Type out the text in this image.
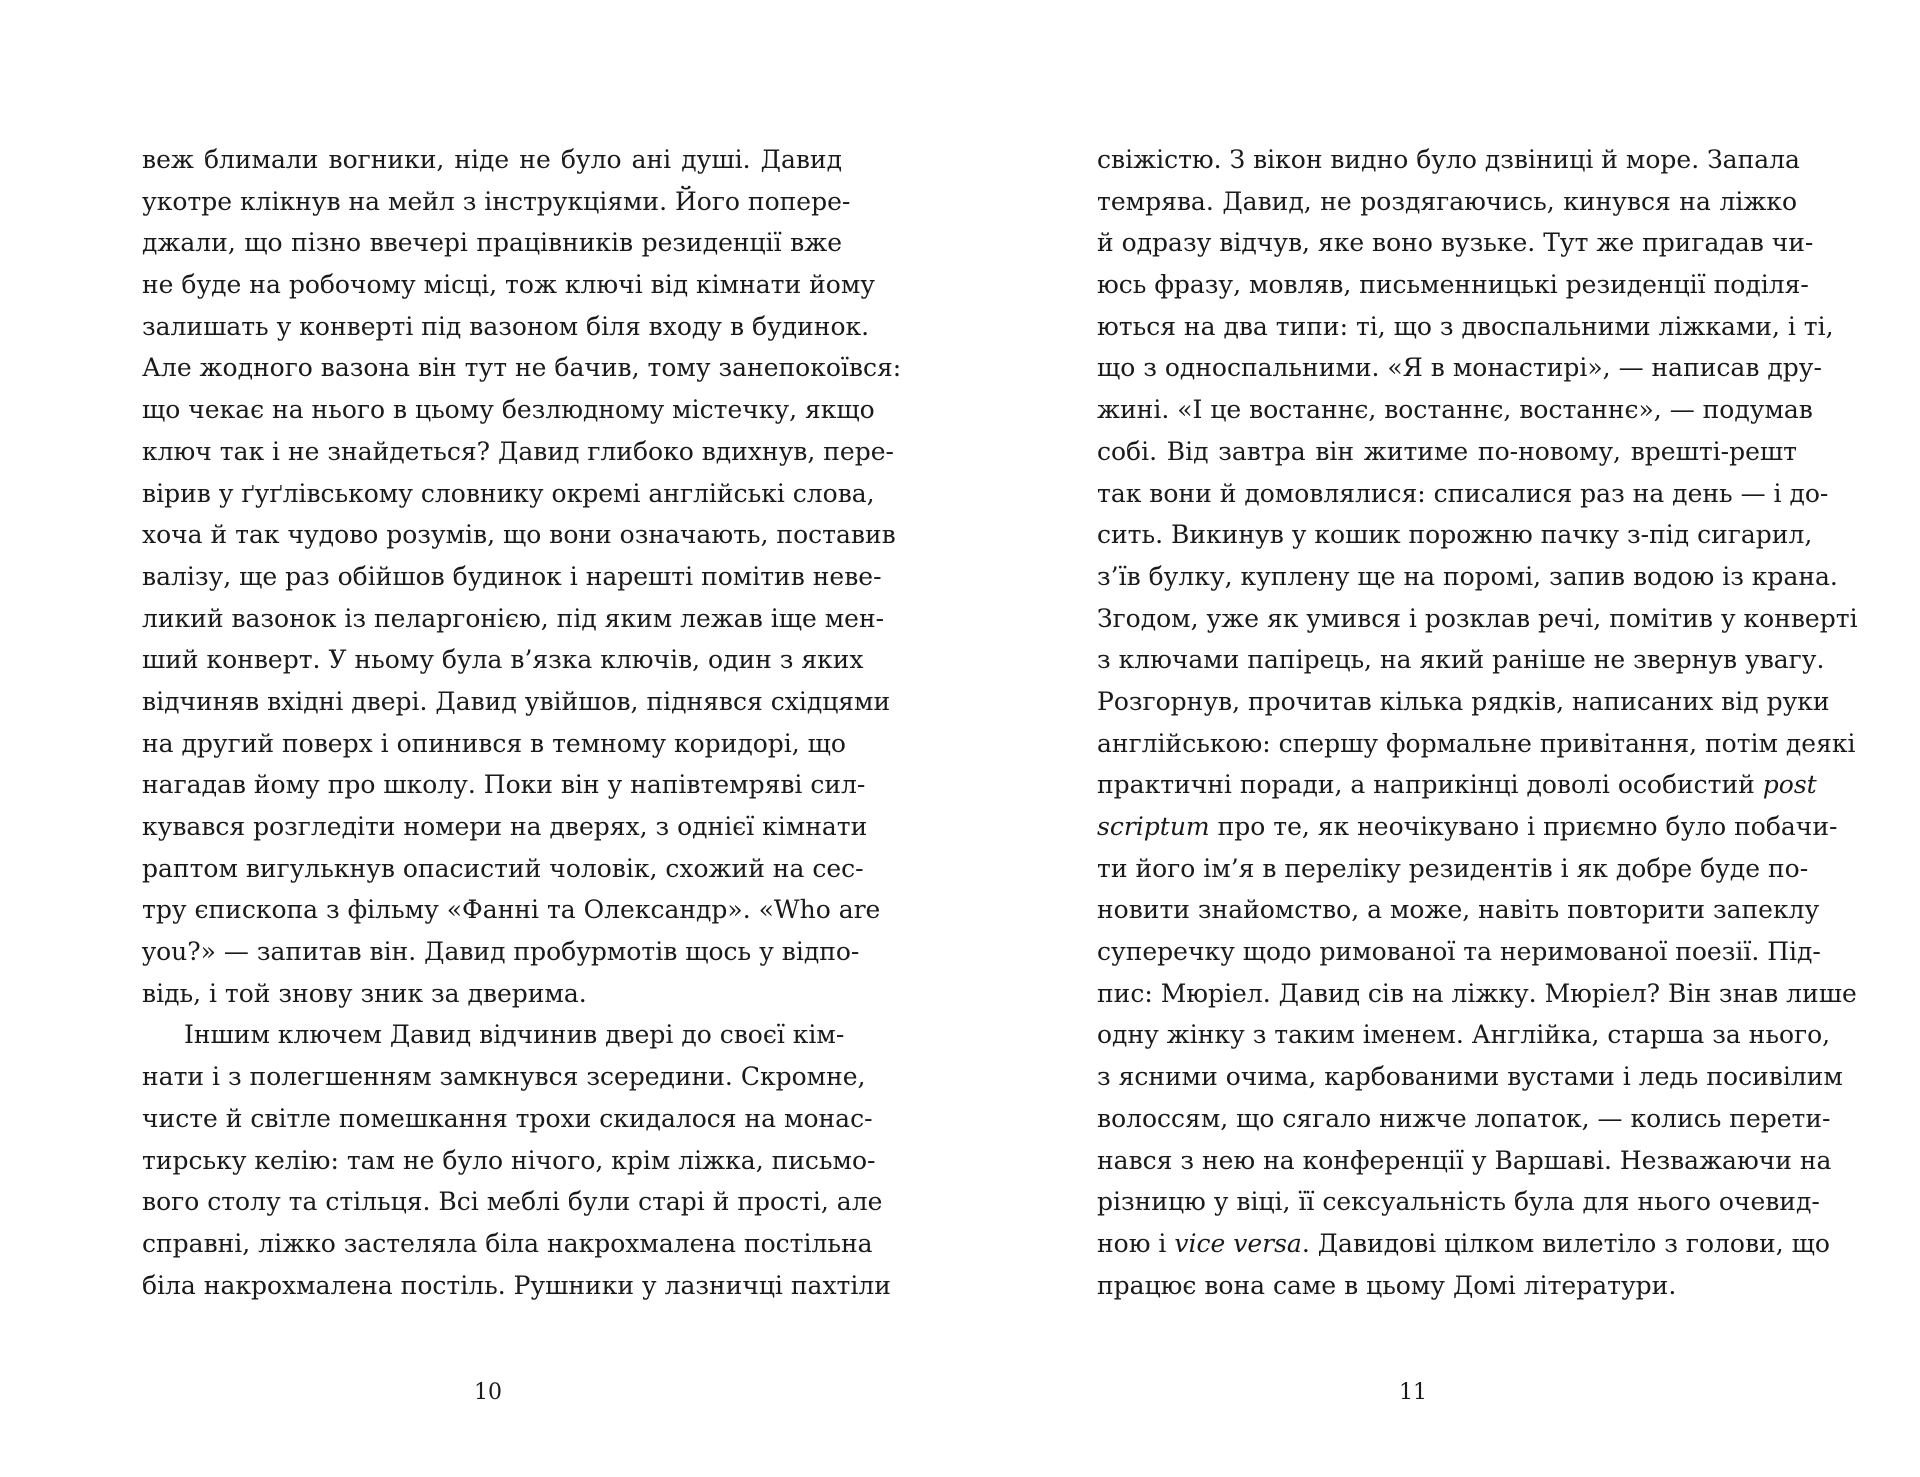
веж блимали вогники, ніде не було ані душі. Давид
укотре клікнув на мейл з інструкціями. Його попере-
джали, що пізно ввечері працівників резиденції вже
не буде на робочому місці, тож ключі від кімнати йому
залишать у конверті під вазоном біля входу в будинок.
Але жодного вазона він тут не бачив, тому занепокоївся:
що чекає на нього в цьому безлюдному містечку, якщо
ключ так і не знайдеться? Давид глибоко вдихнув, пере-
вірив у ґуґлівському словнику окремі англійські слова,
хоча й так чудово розумів, що вони означають, поставив
валізу, ще раз обійшов будинок і нарешті помітив неве-
ликий вазонок із пеларгонією, під яким лежав іще мен-
ший конверт. У ньому була в’язка ключів, один з яких
відчиняв вхідні двері. Давид увійшов, піднявся східцями
на другий поверх і опинився в темному коридорі, що
нагадав йому про школу. Поки він у напівтемряві сил-
кувався розгледіти номери на дверях, з однієї кімнати
раптом вигулькнув опасистий чоловік, схожий на сес-
тру єпископа з фільму «Фанні та Олександр». «Who are
you?» — запитав він. Давид пробурмотів щось у відпо-
відь, і той знову зник за дверима.
Іншим ключем Давид відчинив двері до своєї кім-
нати і з полегшенням замкнувся зсередини. Скромне,
чисте й світле помешкання трохи скидалося на монас-
тирську келію: там не було нічого, крім ліжка, письмо-
вого столу та стільця. Всі меблі були старі й прості, але
справні, ліжко застеляла біла накрохмалена постільна
біла накрохмалена постіль. Рушники у лазничці пахтіли
10
свіжістю. З вікон видно було дзвіниці й море. Запала
темрява. Давид, не роздягаючись, кинувся на ліжко
й одразу відчув, яке воно вузьке. Тут же пригадав чи-
юсь фразу, мовляв, письменницькі резиденції поділя-
ються на два типи: ті, що з двоспальними ліжками, і ті,
що з односпальними. «Я в монастирі», — написав дру-
жині. «І це востаннє, востаннє, востаннє», — подумав
собі. Від завтра він житиме по-новому, врешті-решт
так вони й домовлялися: списалися раз на день — і до-
сить. Викинув у кошик порожню пачку з-під сигарил,
з’їв булку, куплену ще на поромі, запив водою із крана.
Згодом, уже як умився і розклав речі, помітив у конверті
з ключами папірець, на який раніше не звернув увагу.
Розгорнув, прочитав кілька рядків, написаних від руки
англійською: спершу формальне привітання, потім деякі
практичні поради, а наприкінці доволі особистий post
scriptum про те, як неочікувано і приємно було побачи-
ти його ім’я в переліку резидентів і як добре буде по-
новити знайомство, а може, навіть повторити запеклу
суперечку щодо римованої та неримованої поезії. Під-
пис: Мюріел. Давид сів на ліжку. Мюріел? Він знав лише
одну жінку з таким іменем. Англійка, старша за нього,
з ясними очима, карбованими вустами і ледь посивілим
волоссям, що сягало нижче лопаток, — колись перети-
нався з нею на конференції у Варшаві. Незважаючи на
різницю у віці, її сексуальність була для нього очевид-
ною і vice versa. Давидові цілком вилетіло з голови, що
працює вона саме в цьому Домі літератури.
11
